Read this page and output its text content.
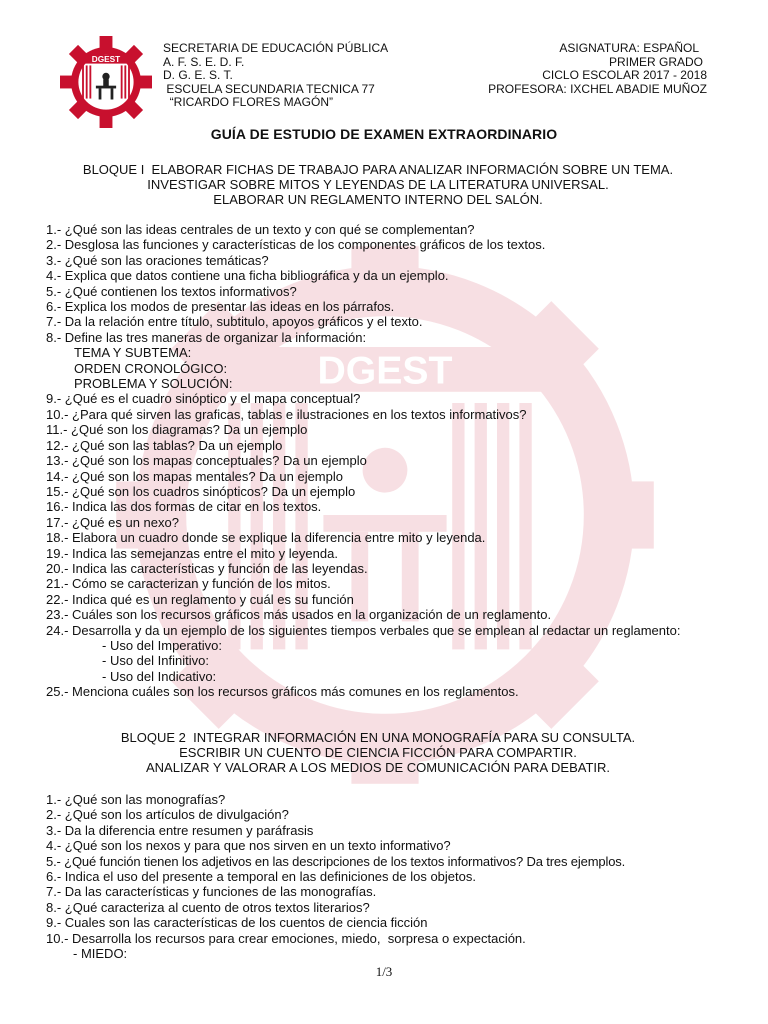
DGEST
DGEST
SECRETARIA DE EDUCACIÓN PÚBLICA
A. F. S. E. D. F.
D. G. E. S. T.
ESCUELA SECUNDARIA TECNICA 77
“RICARDO FLORES MAGÓN”
ASIGNATURA: ESPAÑOL
PRIMER GRADO
CICLO ESCOLAR 2017 - 2018
PROFESORA: IXCHEL ABADIE MUÑOZ
GUÍA DE ESTUDIO DE EXAMEN EXTRAORDINARIO
BLOQUE I  ELABORAR FICHAS DE TRABAJO PARA ANALIZAR INFORMACIÓN SOBRE UN TEMA.
INVESTIGAR SOBRE MITOS Y LEYENDAS DE LA LITERATURA UNIVERSAL.
ELABORAR UN REGLAMENTO INTERNO DEL SALÓN.
1.- ¿Qué son las ideas centrales de un texto y con qué se complementan?
2.- Desglosa las funciones y características de los componentes gráficos de los textos.
3.- ¿Qué son las oraciones temáticas?
4.- Explica que datos contiene una ficha bibliográfica y da un ejemplo.
5.- ¿Qué contienen los textos informativos?
6.- Explica los modos de presentar las ideas en los párrafos.
7.- Da la relación entre título, subtitulo, apoyos gráficos y el texto.
8.- Define las tres maneras de organizar la información:
TEMA Y SUBTEMA:
ORDEN CRONOLÓGICO:
PROBLEMA Y SOLUCIÓN:
9.- ¿Qué es el cuadro sinóptico y el mapa conceptual?
10.- ¿Para qué sirven las graficas, tablas e ilustraciones en los textos informativos?
11.- ¿Qué son los diagramas? Da un ejemplo
12.- ¿Qué son las tablas? Da un ejemplo
13.- ¿Qué son los mapas conceptuales? Da un ejemplo
14.- ¿Qué son los mapas mentales? Da un ejemplo
15.- ¿Qué son los cuadros sinópticos? Da un ejemplo
16.- Indica las dos formas de citar en los textos.
17.- ¿Qué es un nexo?
18.- Elabora un cuadro donde se explique la diferencia entre mito y leyenda.
19.- Indica las semejanzas entre el mito y leyenda.
20.- Indica las características y función de las leyendas.
21.- Cómo se caracterizan y función de los mitos.
22.- Indica qué es un reglamento y cuál es su función
23.- Cuáles son los recursos gráficos más usados en la organización de un reglamento.
24.- Desarrolla y da un ejemplo de los siguientes tiempos verbales que se emplean al redactar un reglamento:
- Uso del Imperativo:
- Uso del Infinitivo:
- Uso del Indicativo:
25.- Menciona cuáles son los recursos gráficos más comunes en los reglamentos.
BLOQUE 2  INTEGRAR INFORMACIÓN EN UNA MONOGRAFÍA PARA SU CONSULTA.
ESCRIBIR UN CUENTO DE CIENCIA FICCIÓN PARA COMPARTIR.
ANALIZAR Y VALORAR A LOS MEDIOS DE COMUNICACIÓN PARA DEBATIR.
1.- ¿Qué son las monografías?
2.- ¿Qué son los artículos de divulgación?
3.- Da la diferencia entre resumen y paráfrasis
4.- ¿Qué son los nexos y para que nos sirven en un texto informativo?
5.- ¿Qué función tienen los adjetivos en las descripciones de los textos informativos? Da tres ejemplos.
6.- Indica el uso del presente a temporal en las definiciones de los objetos.
7.- Da las características y funciones de las monografías.
8.- ¿Qué caracteriza al cuento de otros textos literarios?
9.- Cuales son las características de los cuentos de ciencia ficción
10.- Desarrolla los recursos para crear emociones, miedo,  sorpresa o expectación.
- MIEDO:
1/3
